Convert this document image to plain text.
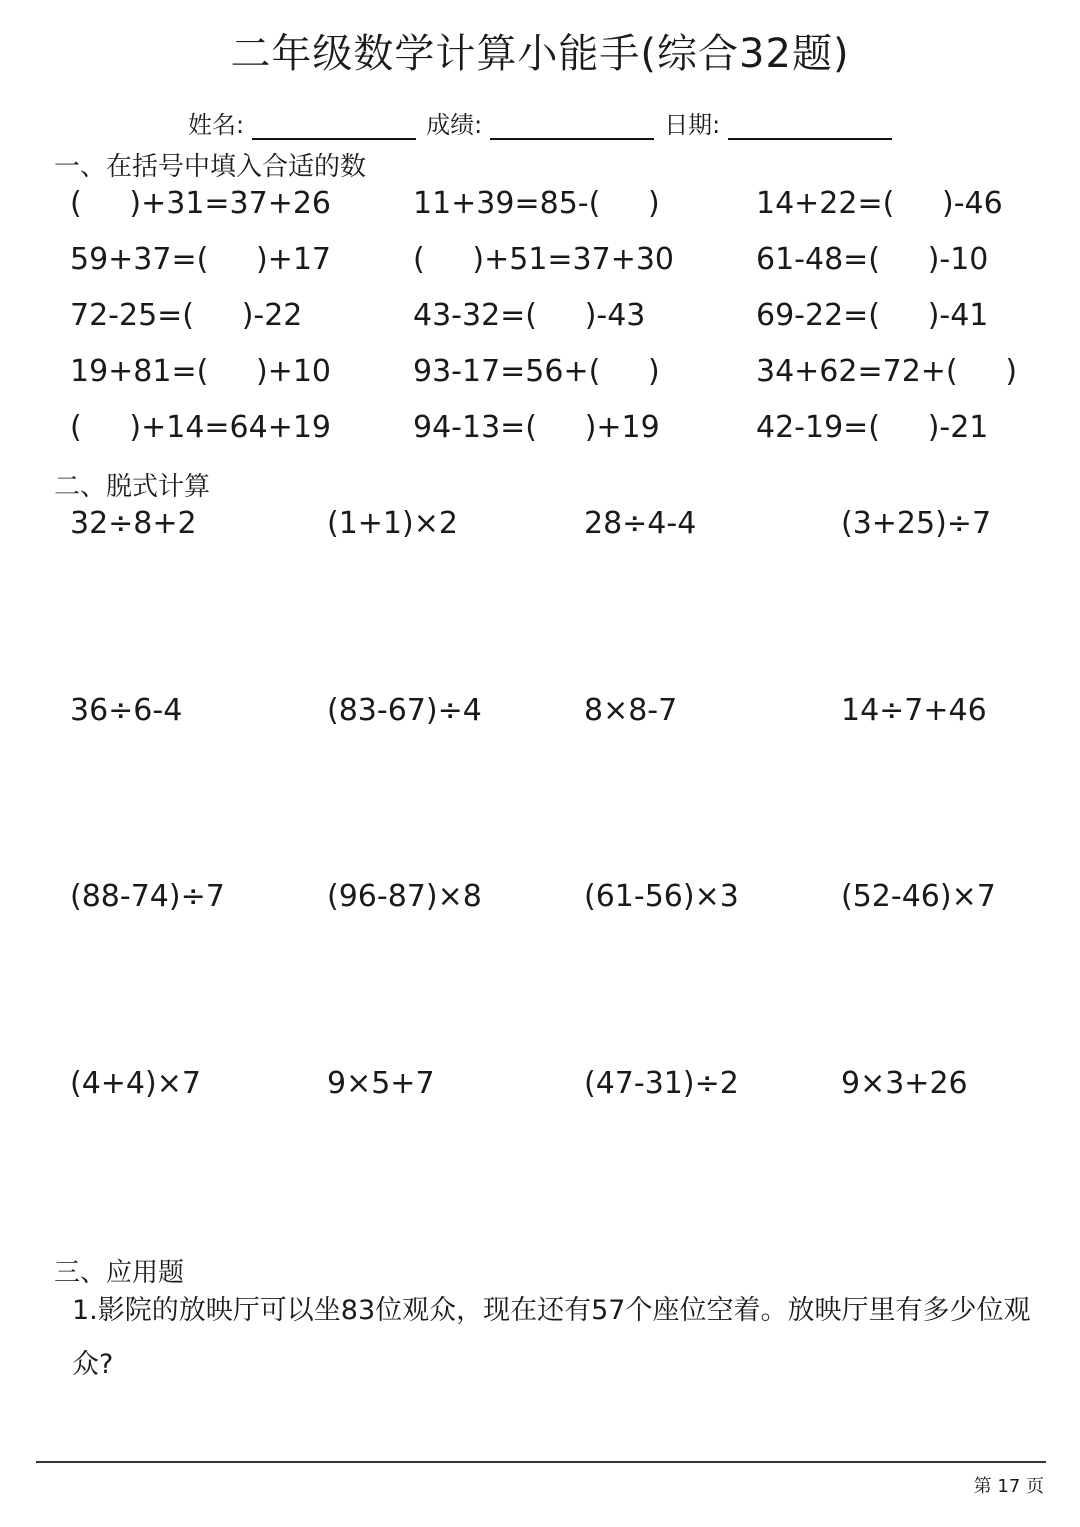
二年级数学计算小能手(综合32题)
姓名:	成绩:	日期:
一、在括号中填入合适的数
(     )+31=37+26	11+39=85-(     )	14+22=(     )-46
59+37=(     )+17	(     )+51=37+30	61-48=(     )-10
72-25=(     )-22	43-32=(     )-43	69-22=(     )-41
19+81=(     )+10	93-17=56+(     )	34+62=72+(     )
(     )+14=64+19	94-13=(     )+19	42-19=(     )-21
二、脱式计算
32÷8+2	(1+1)×2	28÷4-4	(3+25)÷7
36÷6-4	(83-67)÷4	8×8-7	14÷7+46
(88-74)÷7	(96-87)×8	(61-56)×3	(52-46)×7
(4+4)×7	9×5+7	(47-31)÷2	9×3+26
三、应用题
1.影院的放映厅可以坐83位观众，现在还有57个座位空着。放映厅里有多少位观众?
第 17 页
